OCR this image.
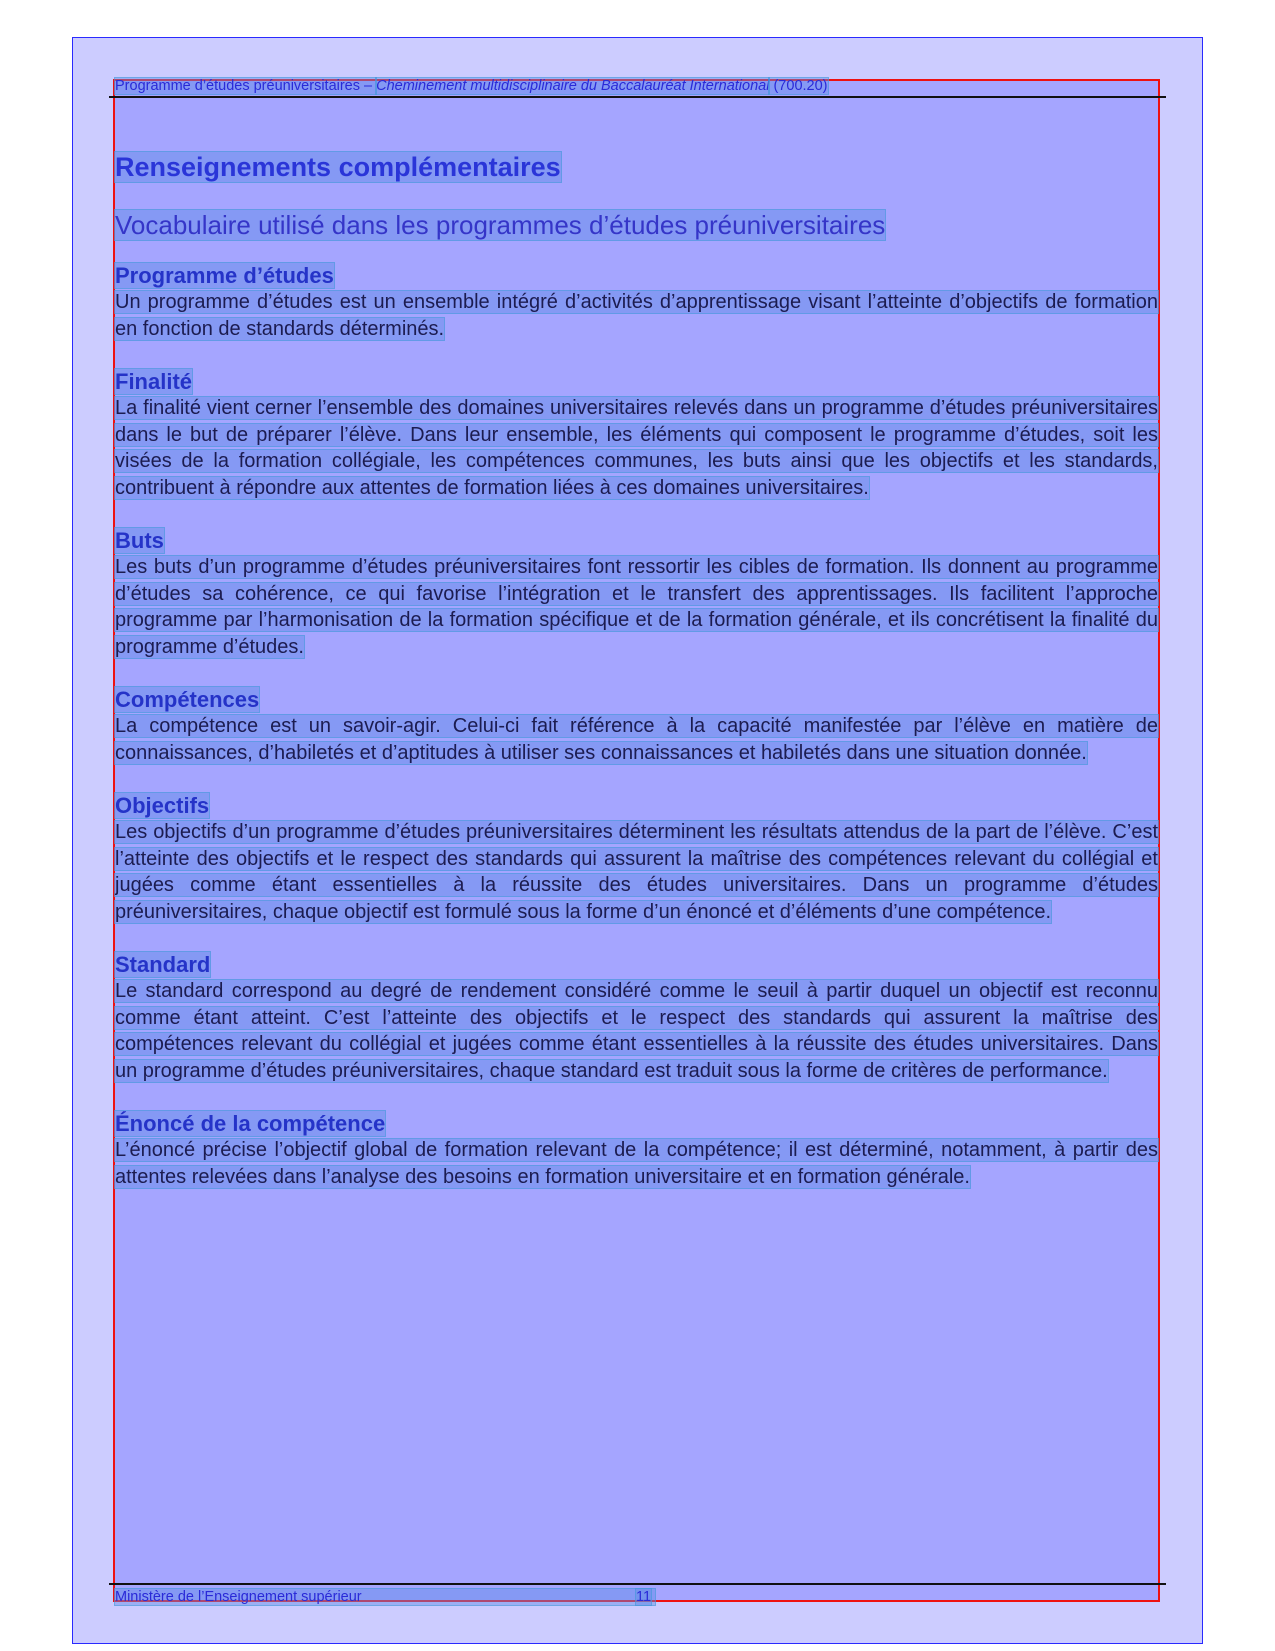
Programme d’études préuniversitaires – Cheminement multidisciplinaire du Baccalauréat International (700.20)
Renseignements complémentaires
Vocabulaire utilisé dans les programmes d’études préuniversitaires
Programme d’études

Un programme d’études est un ensemble intégré d’activités d’apprentissage visant l’atteinte d’objectifs de formation en fonction de standards déterminés.

Finalité

La finalité vient cerner l’ensemble des domaines universitaires relevés dans un programme d’études préuniversitaires dans le but de préparer l’élève. Dans leur ensemble, les éléments qui composent le programme d’études, soit les visées de la formation collégiale, les compétences communes, les buts ainsi que les objectifs et les standards, contribuent à répondre aux attentes de formation liées à ces domaines universitaires.

Buts

Les buts d’un programme d’études préuniversitaires font ressortir les cibles de formation. Ils donnent au programme d’études sa cohérence, ce qui favorise l’intégration et le transfert des apprentissages. Ils facilitent l’approche programme par l’harmonisation de la formation spécifique et de la formation générale, et ils concrétisent la finalité du programme d’études.

Compétences

La compétence est un savoir-agir. Celui-ci fait référence à la capacité manifestée par l’élève en matière de connaissances, d’habiletés et d’aptitudes à utiliser ses connaissances et habiletés dans une situation donnée.

Objectifs

Les objectifs d’un programme d’études préuniversitaires déterminent les résultats attendus de la part de l’élève. C’est l’atteinte des objectifs et le respect des standards qui assurent la maîtrise des compétences relevant du collégial et jugées comme étant essentielles à la réussite des études universitaires. Dans un programme d’études préuniversitaires, chaque objectif est formulé sous la forme d’un énoncé et d’éléments d’une compétence.

Standard

Le standard correspond au degré de rendement considéré comme le seuil à partir duquel un objectif est reconnu comme étant atteint. C’est l’atteinte des objectifs et le respect des standards qui assurent la maîtrise des compétences relevant du collégial et jugées comme étant essentielles à la réussite des études universitaires. Dans un programme d’études préuniversitaires, chaque standard est traduit sous la forme de critères de performance.

Énoncé de la compétence

L’énoncé précise l’objectif global de formation relevant de la compétence; il est déterminé, notamment, à partir des attentes relevées dans l’analyse des besoins en formation universitaire et en formation générale.

Ministère de l’Enseignement supérieur	11
